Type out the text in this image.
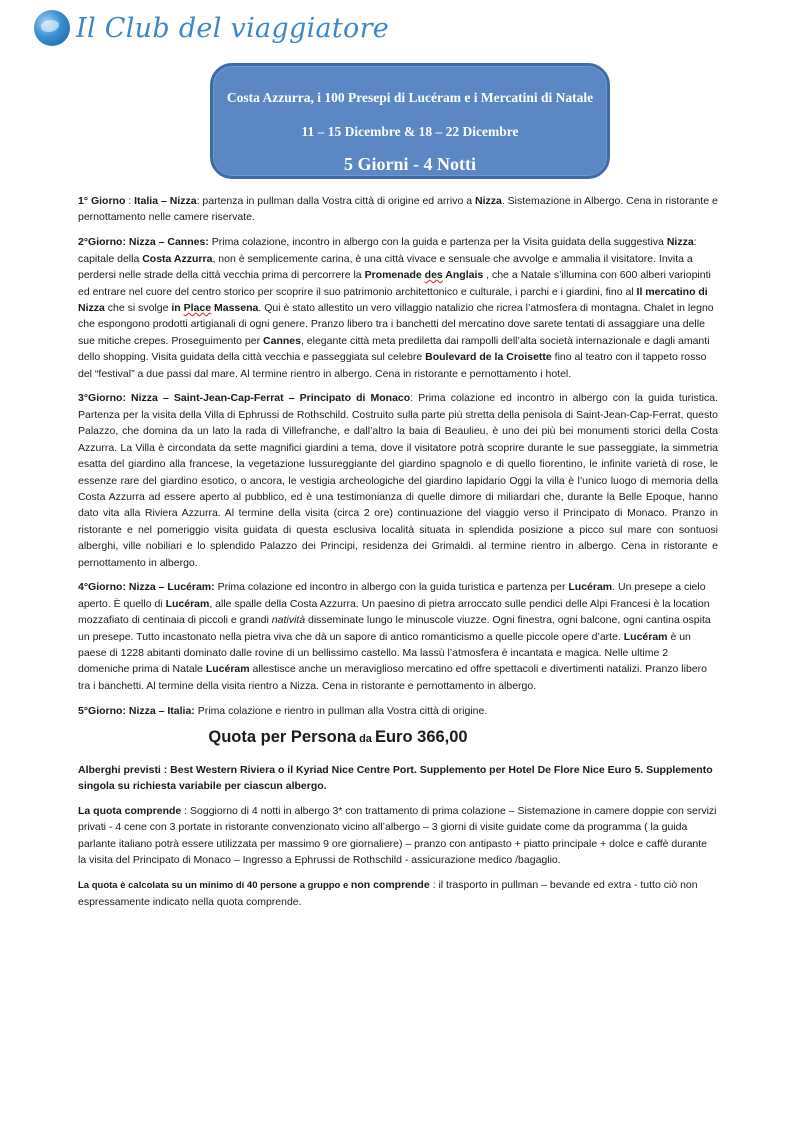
Il Club del viaggiatore
Costa Azzurra, i 100 Presepi di Lucéram e i Mercatini di Natale
11 – 15 Dicembre & 18 – 22 Dicembre
5 Giorni - 4 Notti

1° Giorno : Italia – Nizza: partenza in pullman dalla Vostra città di origine ed arrivo a Nizza. Sistemazione in Albergo. Cena in ristorante e pernottamento nelle camere riservate.

2°Giorno: Nizza – Cannes: Prima colazione, incontro in albergo con la guida e partenza per la Visita guidata della suggestiva Nizza: capitale della Costa Azzurra, non è semplicemente carina, è una città vivace e sensuale che avvolge e ammalia il visitatore. Invita a perdersi nelle strade della città vecchia prima di percorrere la Promenade des Anglais , che a Natale s’illumina con 600 alberi variopinti ed entrare nel cuore del centro storico per scoprire il suo patrimonio architettonico e culturale, i parchi e i giardini, fino al Il mercatino di Nizza che si svolge in Place Massena. Qui è stato allestito un vero villaggio natalizio che ricrea l’atmosfera di montagna. Chalet in legno che espongono prodotti artigianali di ogni genere. Pranzo libero tra i banchetti del mercatino dove sarete tentati di assaggiare una delle sue mitiche crepes. Proseguimento per Cannes, elegante città meta prediletta dai rampolli dell’alta società internazionale e dagli amanti dello shopping. Visita guidata della città vecchia e passeggiata sul celebre Boulevard de la Croisette fino al teatro con il tappeto rosso del “festival” a due passi dal mare. Al termine rientro in albergo. Cena in ristorante e pernottamento i hotel.

3°Giorno: Nizza – Saint-Jean-Cap-Ferrat – Principato di Monaco: Prima colazione ed incontro in albergo con la guida turistica. Partenza per la visita della Villa di Ephrussi de Rothschild. Costruito sulla parte più stretta della penisola di Saint-Jean-Cap-Ferrat, questo Palazzo, che domina da un lato la rada di Villefranche, e dall’altro la baia di Beaulieu, è uno dei più bei monumenti storici della Costa Azzurra. La Villa è circondata da sette magnifici giardini a tema, dove il visitatore potrà scoprire durante le sue passeggiate, la simmetria esatta del giardino alla francese, la vegetazione lussureggiante del giardino spagnolo e di quello fiorentino, le infinite varietà di rose, le essenze rare del giardino esotico, o ancora, le vestigia archeologiche del giardino lapidario Oggi la villa è l’unico luogo di memoria della Costa Azzurra ad essere aperto al pubblico, ed è una testimonianza di quelle dimore di miliardari che, durante la Belle Epoque, hanno dato vita alla Riviera Azzurra. Al termine della visita (circa 2 ore) continuazione del viaggio verso il Principato di Monaco. Pranzo in ristorante e nel pomeriggio visita guidata di questa esclusiva località situata in splendida posizione a picco sul mare con sontuosi alberghi, ville nobiliari e lo splendido Palazzo dei Principi, residenza dei Grimaldi. al termine rientro in albergo. Cena in ristorante e pernottamento in albergo.

4°Giorno: Nizza – Lucéram: Prima colazione ed incontro in albergo con la guida turistica e partenza per Lucéram. Un presepe a cielo aperto. È quello di Lucéram, alle spalle della Costa Azzurra. Un paesino di pietra arroccato sulle pendici delle Alpi Francesi è la location mozzafiato di centinaia di piccoli e grandi natività disseminate lungo le minuscole viuzze. Ogni finestra, ogni balcone, ogni cantina ospita un presepe. Tutto incastonato nella pietra viva che dà un sapore di antico romanticismo a quelle piccole opere d’arte. Lucéram è un paese di 1228 abitanti dominato dalle rovine di un bellissimo castello. Ma lassù l’atmosfera è incantata e magica. Nelle ultime 2 domeniche prima di Natale Lucéram allestisce anche un meraviglioso mercatino ed offre spettacoli e divertimenti natalizi. Pranzo libero tra i banchetti. Al termine della visita rientro a Nizza. Cena in ristorante e pernottamento in albergo.

5°Giorno: Nizza – Italia: Prima colazione e rientro in pullman alla Vostra città di origine.

Quota per Persona da Euro 366,00

Alberghi previsti : Best Western Riviera o il Kyriad Nice Centre Port. Supplemento per Hotel De Flore Nice Euro 5. Supplemento singola su richiesta variabile per ciascun albergo.

La quota comprende : Soggiorno di 4 notti in albergo 3* con trattamento di prima colazione – Sistemazione in camere doppie con servizi privati - 4 cene con 3 portate in ristorante convenzionato vicino all’albergo – 3 giorni di visite guidate come da programma ( la guida parlante italiano potrà essere utilizzata per massimo 9 ore giornaliere) – pranzo con antipasto + piatto principale + dolce e caffè durante la visita del Principato di Monaco – Ingresso a Ephrussi de Rothschild - assicurazione medico /bagaglio.

La quota è calcolata su un minimo di 40 persone a gruppo e non comprende : il trasporto in pullman – bevande ed extra - tutto ciò non espressamente indicato nella quota comprende.
